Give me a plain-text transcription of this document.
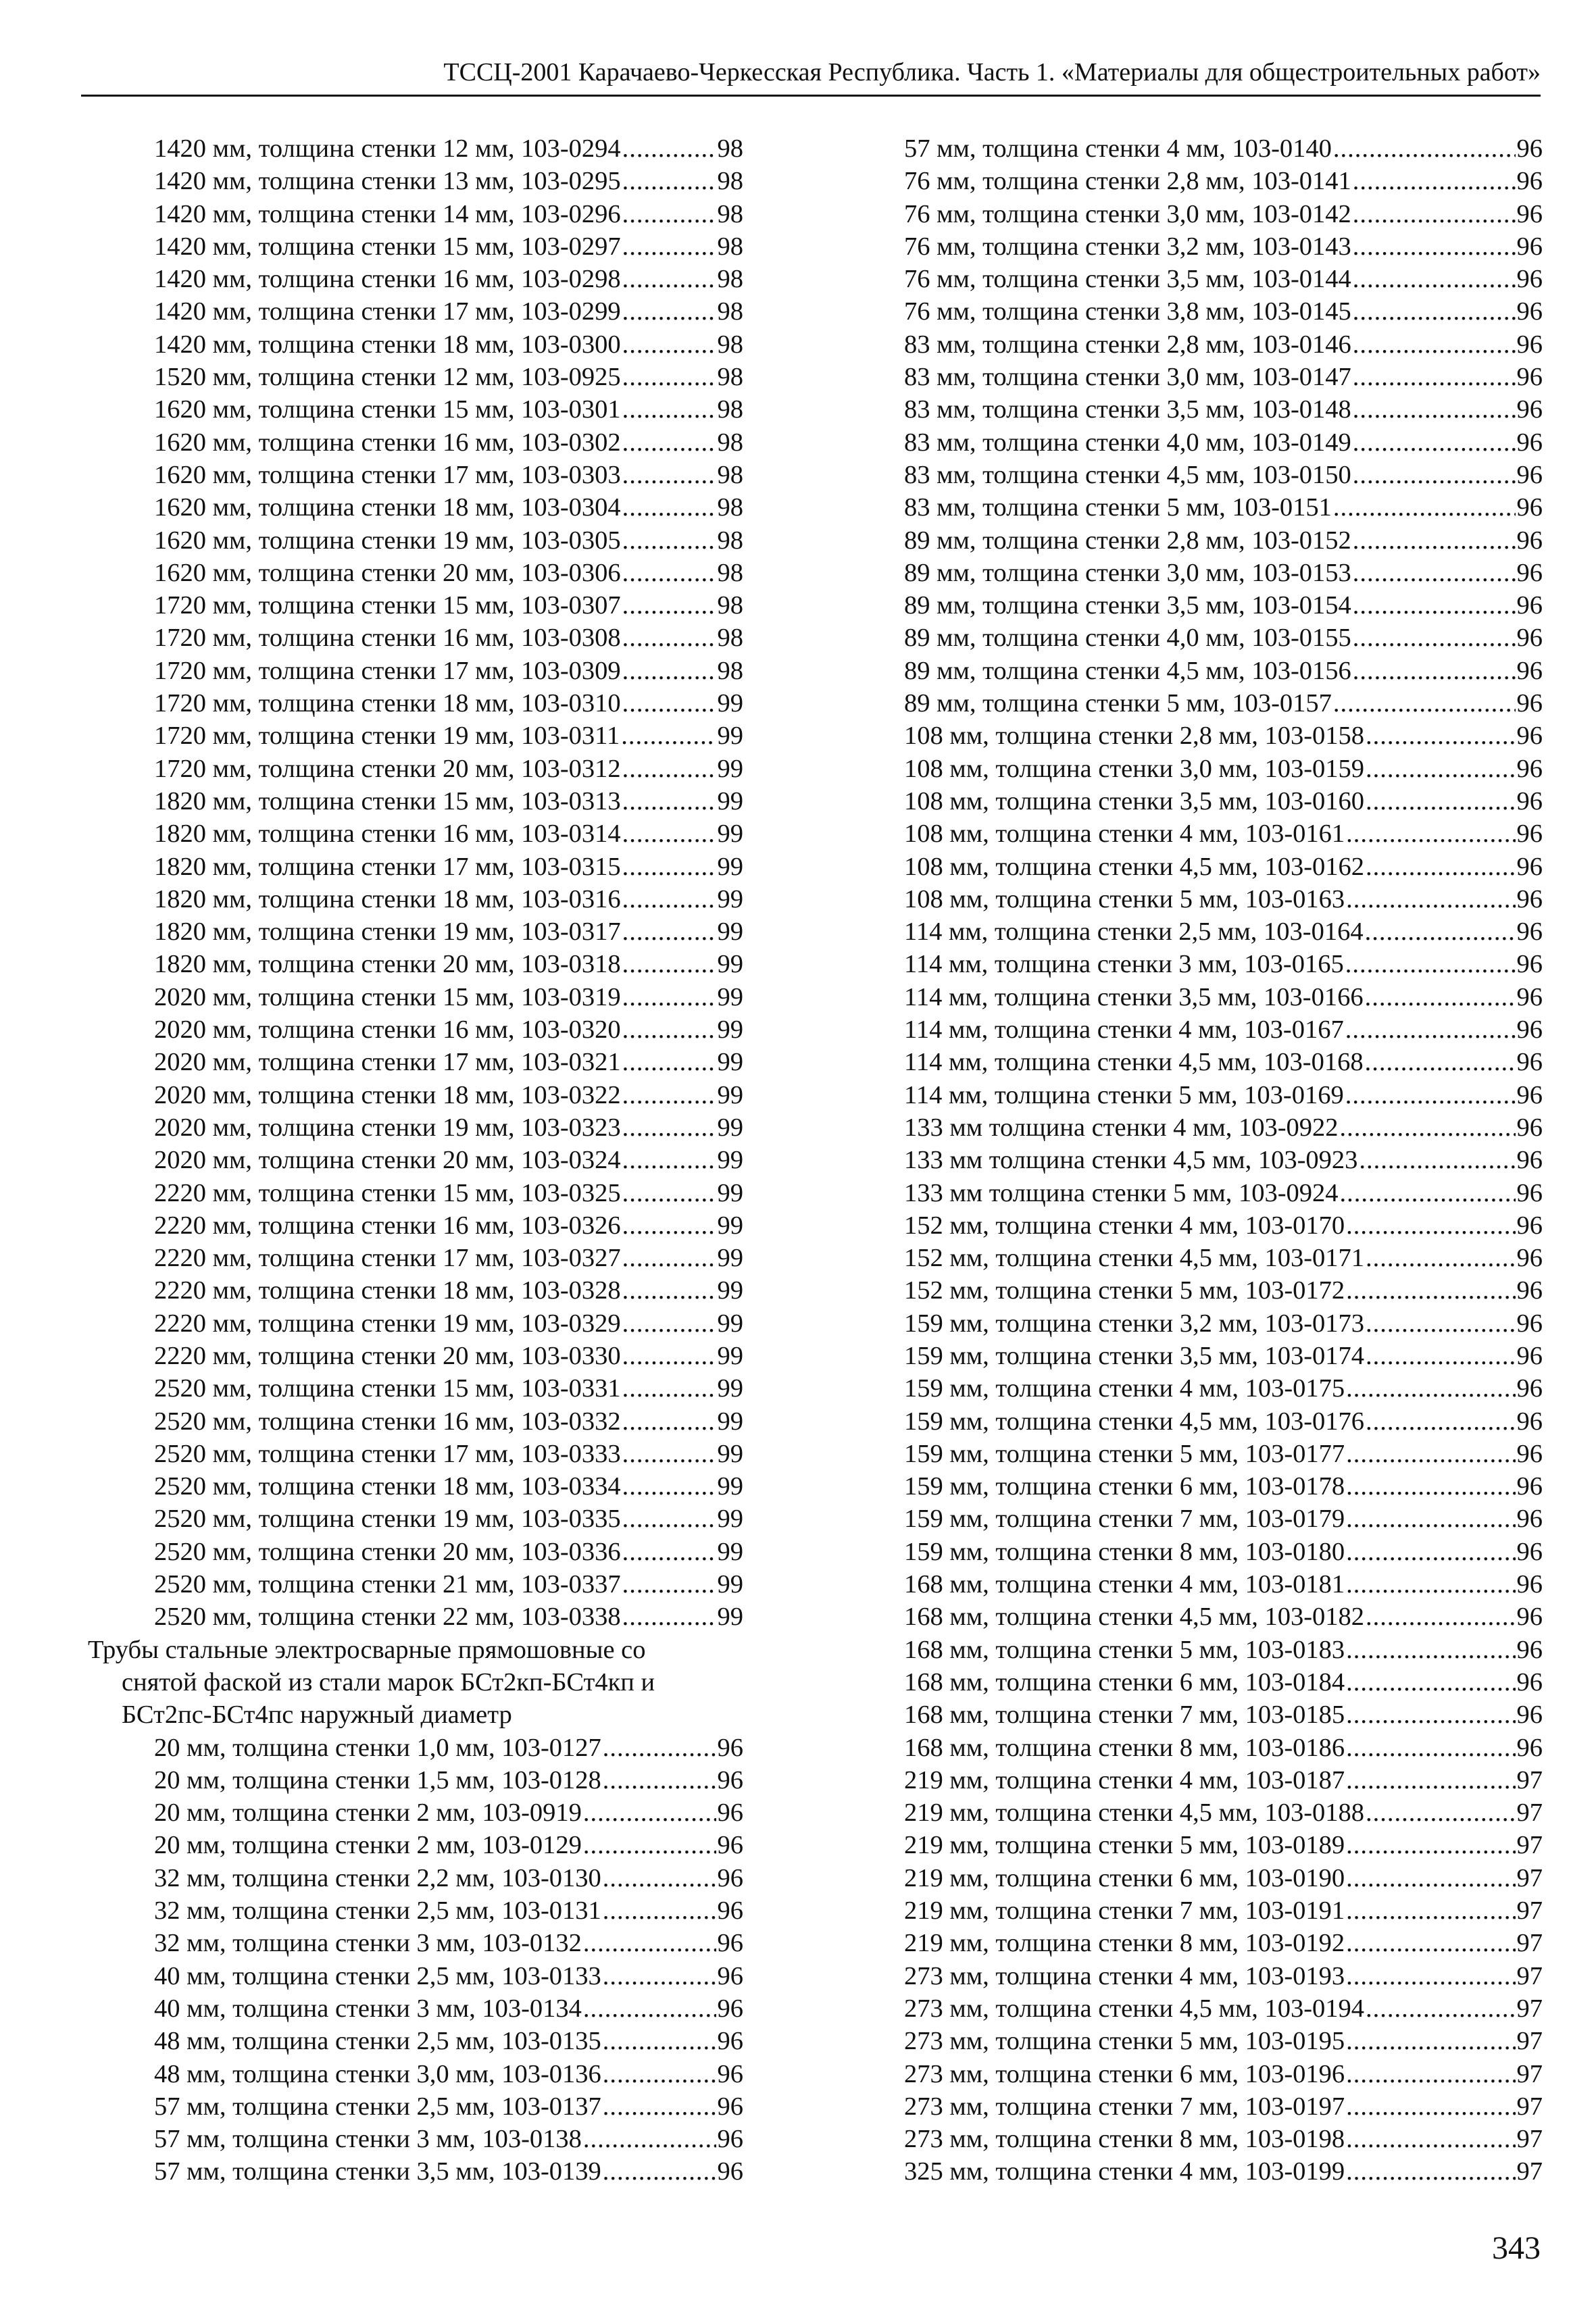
ТССЦ-2001 Карачаево-Черкесская Республика. Часть 1. «Материалы для общестроительных работ»
1420 мм, толщина стенки 12 мм, 103-0294 .....	98
1420 мм, толщина стенки 13 мм, 103-0295 .....	98
1420 мм, толщина стенки 14 мм, 103-0296 .....	98
1420 мм, толщина стенки 15 мм, 103-0297 .....	98
1420 мм, толщина стенки 16 мм, 103-0298 .....	98
1420 мм, толщина стенки 17 мм, 103-0299 .....	98
1420 мм, толщина стенки 18 мм, 103-0300 .....	98
1520 мм, толщина стенки 12 мм, 103-0925 .....	98
1620 мм, толщина стенки 15 мм, 103-0301 .....	98
1620 мм, толщина стенки 16 мм, 103-0302 .....	98
1620 мм, толщина стенки 17 мм, 103-0303 .....	98
1620 мм, толщина стенки 18 мм, 103-0304 .....	98
1620 мм, толщина стенки 19 мм, 103-0305 .....	98
1620 мм, толщина стенки 20 мм, 103-0306 .....	98
1720 мм, толщина стенки 15 мм, 103-0307 .....	98
1720 мм, толщина стенки 16 мм, 103-0308 .....	98
1720 мм, толщина стенки 17 мм, 103-0309 .....	98
1720 мм, толщина стенки 18 мм, 103-0310 .....	99
1720 мм, толщина стенки 19 мм, 103-0311 .....	99
1720 мм, толщина стенки 20 мм, 103-0312 .....	99
1820 мм, толщина стенки 15 мм, 103-0313 .....	99
1820 мм, толщина стенки 16 мм, 103-0314 .....	99
1820 мм, толщина стенки 17 мм, 103-0315 .....	99
1820 мм, толщина стенки 18 мм, 103-0316 .....	99
1820 мм, толщина стенки 19 мм, 103-0317 .....	99
1820 мм, толщина стенки 20 мм, 103-0318 .....	99
2020 мм, толщина стенки 15 мм, 103-0319 .....	99
2020 мм, толщина стенки 16 мм, 103-0320 .....	99
2020 мм, толщина стенки 17 мм, 103-0321 .....	99
2020 мм, толщина стенки 18 мм, 103-0322 .....	99
2020 мм, толщина стенки 19 мм, 103-0323 .....	99
2020 мм, толщина стенки 20 мм, 103-0324 .....	99
2220 мм, толщина стенки 15 мм, 103-0325 .....	99
2220 мм, толщина стенки 16 мм, 103-0326 .....	99
2220 мм, толщина стенки 17 мм, 103-0327 .....	99
2220 мм, толщина стенки 18 мм, 103-0328 .....	99
2220 мм, толщина стенки 19 мм, 103-0329 .....	99
2220 мм, толщина стенки 20 мм, 103-0330 .....	99
2520 мм, толщина стенки 15 мм, 103-0331 .....	99
2520 мм, толщина стенки 16 мм, 103-0332 .....	99
2520 мм, толщина стенки 17 мм, 103-0333 .....	99
2520 мм, толщина стенки 18 мм, 103-0334 .....	99
2520 мм, толщина стенки 19 мм, 103-0335 .....	99
2520 мм, толщина стенки 20 мм, 103-0336 .....	99
2520 мм, толщина стенки 21 мм, 103-0337 .....	99
2520 мм, толщина стенки 22 мм, 103-0338 .....	99
Трубы стальные электросварные прямошовные со
снятой фаской из стали марок БСт2кп-БСт4кп и
БСт2пс-БСт4пс наружный диаметр
20 мм, толщина стенки 1,0 мм, 103-0127 .....	96
20 мм, толщина стенки 1,5 мм, 103-0128 .....	96
20 мм, толщина стенки 2 мм, 103-0919 .....	96
20 мм, толщина стенки 2 мм, 103-0129 .....	96
32 мм, толщина стенки 2,2 мм, 103-0130 .....	96
32 мм, толщина стенки 2,5 мм, 103-0131 .....	96
32 мм, толщина стенки 3 мм, 103-0132 .....	96
40 мм, толщина стенки 2,5 мм, 103-0133 .....	96
40 мм, толщина стенки 3 мм, 103-0134 .....	96
48 мм, толщина стенки 2,5 мм, 103-0135 .....	96
48 мм, толщина стенки 3,0 мм, 103-0136 .....	96
57 мм, толщина стенки 2,5 мм, 103-0137 .....	96
57 мм, толщина стенки 3 мм, 103-0138 .....	96
57 мм, толщина стенки 3,5 мм, 103-0139 .....	96
57 мм, толщина стенки 4 мм, 103-0140 .....	96
76 мм, толщина стенки 2,8 мм, 103-0141 .....	96
76 мм, толщина стенки 3,0 мм, 103-0142 .....	96
76 мм, толщина стенки 3,2 мм, 103-0143 .....	96
76 мм, толщина стенки 3,5 мм, 103-0144 .....	96
76 мм, толщина стенки 3,8 мм, 103-0145 .....	96
83 мм, толщина стенки 2,8 мм, 103-0146 .....	96
83 мм, толщина стенки 3,0 мм, 103-0147 .....	96
83 мм, толщина стенки 3,5 мм, 103-0148 .....	96
83 мм, толщина стенки 4,0 мм, 103-0149 .....	96
83 мм, толщина стенки 4,5 мм, 103-0150 .....	96
83 мм, толщина стенки 5 мм, 103-0151 .....	96
89 мм, толщина стенки 2,8 мм, 103-0152 .....	96
89 мм, толщина стенки 3,0 мм, 103-0153 .....	96
89 мм, толщина стенки 3,5 мм, 103-0154 .....	96
89 мм, толщина стенки 4,0 мм, 103-0155 .....	96
89 мм, толщина стенки 4,5 мм, 103-0156 .....	96
89 мм, толщина стенки 5 мм, 103-0157 .....	96
108 мм, толщина стенки 2,8 мм, 103-0158 .....	96
108 мм, толщина стенки 3,0 мм, 103-0159 .....	96
108 мм, толщина стенки 3,5 мм, 103-0160 .....	96
108 мм, толщина стенки 4 мм, 103-0161 .....	96
108 мм, толщина стенки 4,5 мм, 103-0162 .....	96
108 мм, толщина стенки 5 мм, 103-0163 .....	96
114 мм, толщина стенки 2,5 мм, 103-0164 .....	96
114 мм, толщина стенки 3 мм, 103-0165 .....	96
114 мм, толщина стенки 3,5 мм, 103-0166 .....	96
114 мм, толщина стенки 4 мм, 103-0167 .....	96
114 мм, толщина стенки 4,5 мм, 103-0168 .....	96
114 мм, толщина стенки 5 мм, 103-0169 .....	96
133 мм толщина стенки 4 мм, 103-0922 .....	96
133 мм толщина стенки 4,5 мм, 103-0923 .....	96
133 мм толщина стенки 5 мм, 103-0924 .....	96
152 мм, толщина стенки 4 мм, 103-0170 .....	96
152 мм, толщина стенки 4,5 мм, 103-0171 .....	96
152 мм, толщина стенки 5 мм, 103-0172 .....	96
159 мм, толщина стенки 3,2 мм, 103-0173 .....	96
159 мм, толщина стенки 3,5 мм, 103-0174 .....	96
159 мм, толщина стенки 4 мм, 103-0175 .....	96
159 мм, толщина стенки 4,5 мм, 103-0176 .....	96
159 мм, толщина стенки 5 мм, 103-0177 .....	96
159 мм, толщина стенки 6 мм, 103-0178 .....	96
159 мм, толщина стенки 7 мм, 103-0179 .....	96
159 мм, толщина стенки 8 мм, 103-0180 .....	96
168 мм, толщина стенки 4 мм, 103-0181 .....	96
168 мм, толщина стенки 4,5 мм, 103-0182 .....	96
168 мм, толщина стенки 5 мм, 103-0183 .....	96
168 мм, толщина стенки 6 мм, 103-0184 .....	96
168 мм, толщина стенки 7 мм, 103-0185 .....	96
168 мм, толщина стенки 8 мм, 103-0186 .....	96
219 мм, толщина стенки 4 мм, 103-0187 .....	97
219 мм, толщина стенки 4,5 мм, 103-0188 .....	97
219 мм, толщина стенки 5 мм, 103-0189 .....	97
219 мм, толщина стенки 6 мм, 103-0190 .....	97
219 мм, толщина стенки 7 мм, 103-0191 .....	97
219 мм, толщина стенки 8 мм, 103-0192 .....	97
273 мм, толщина стенки 4 мм, 103-0193 .....	97
273 мм, толщина стенки 4,5 мм, 103-0194 .....	97
273 мм, толщина стенки 5 мм, 103-0195 .....	97
273 мм, толщина стенки 6 мм, 103-0196 .....	97
273 мм, толщина стенки 7 мм, 103-0197 .....	97
273 мм, толщина стенки 8 мм, 103-0198 .....	97
325 мм, толщина стенки 4 мм, 103-0199 .....	97
343
